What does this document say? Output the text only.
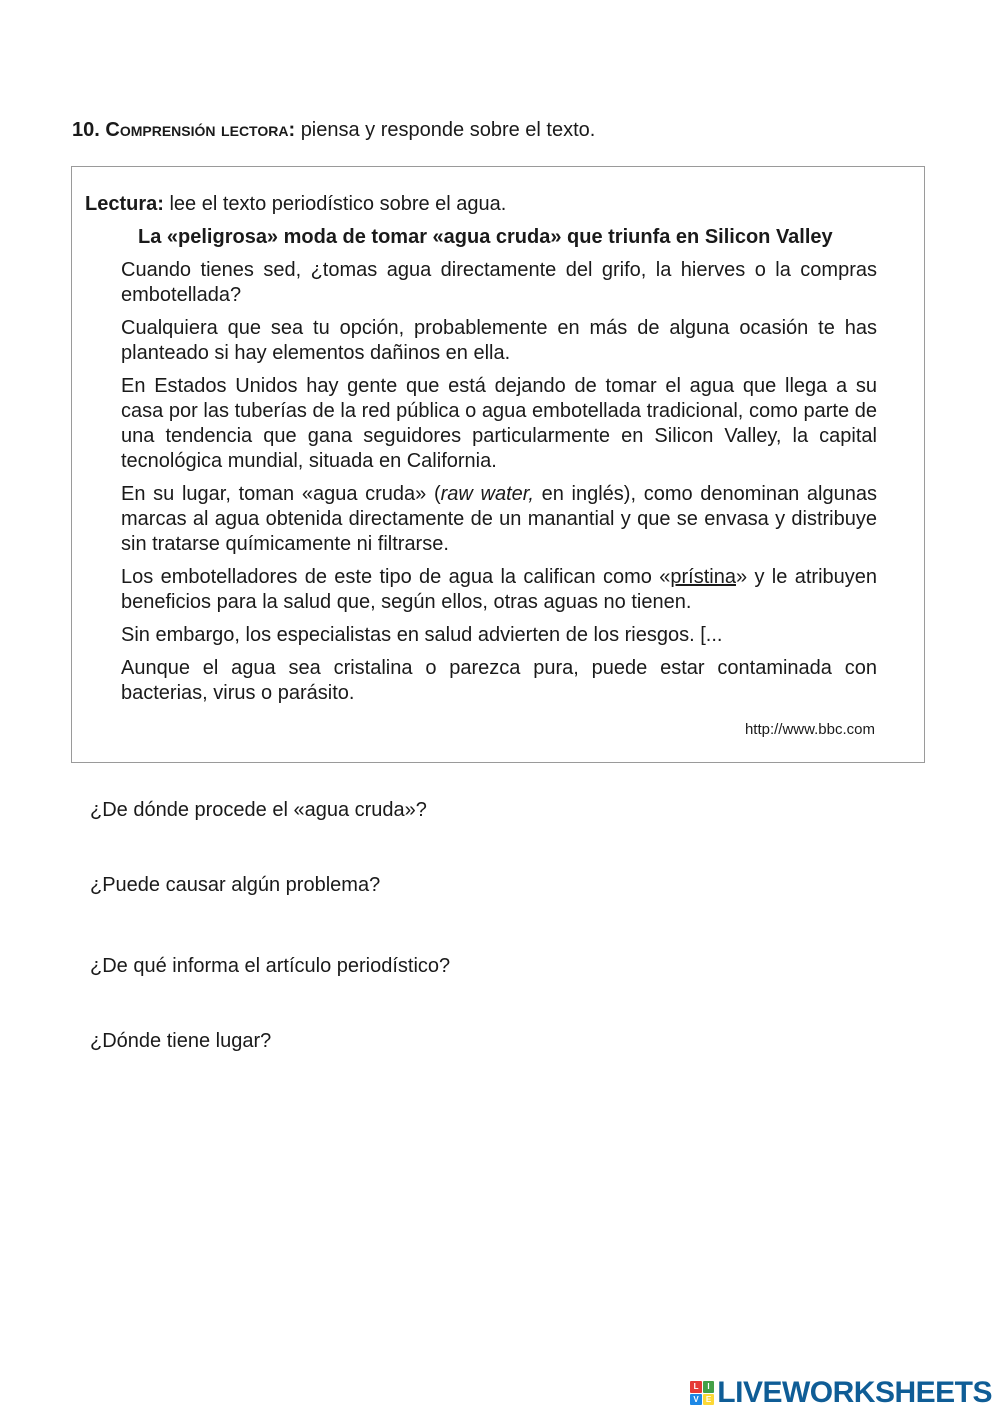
10. Comprensión lectora: piensa y responde sobre el texto.
Lectura: lee el texto periodístico sobre el agua.
La «peligrosa» moda de tomar «agua cruda» que triunfa en Silicon Valley

Cuando tienes sed, ¿tomas agua directamente del grifo, la hierves o la compras embotellada?

Cualquiera que sea tu opción, probablemente en más de alguna ocasión te has planteado si hay elementos dañinos en ella.

En Estados Unidos hay gente que está dejando de tomar el agua que llega a su casa por las tuberías de la red pública o agua embotellada tradicional, como parte de una tendencia que gana seguidores particularmente en Silicon Valley, la capital tecnológica mundial, situada en California.

En su lugar, toman «agua cruda» (raw water, en inglés), como denominan algunas marcas al agua obtenida directamente de un manantial y que se envasa y distribuye sin tratarse químicamente ni filtrarse.

Los embotelladores de este tipo de agua la califican como «prístina» y le atribuyen beneficios para la salud que, según ellos, otras aguas no tienen.

Sin embargo, los especialistas en salud advierten de los riesgos. [...

Aunque el agua sea cristalina o parezca pura, puede estar contaminada con bacterias, virus o parásito.

http://www.bbc.com
¿De dónde procede el «agua cruda»?
¿Puede causar algún problema?
¿De qué informa el artículo periodístico?
¿Dónde tiene lugar?
L	I
V E LIVEWORKSHEETS
